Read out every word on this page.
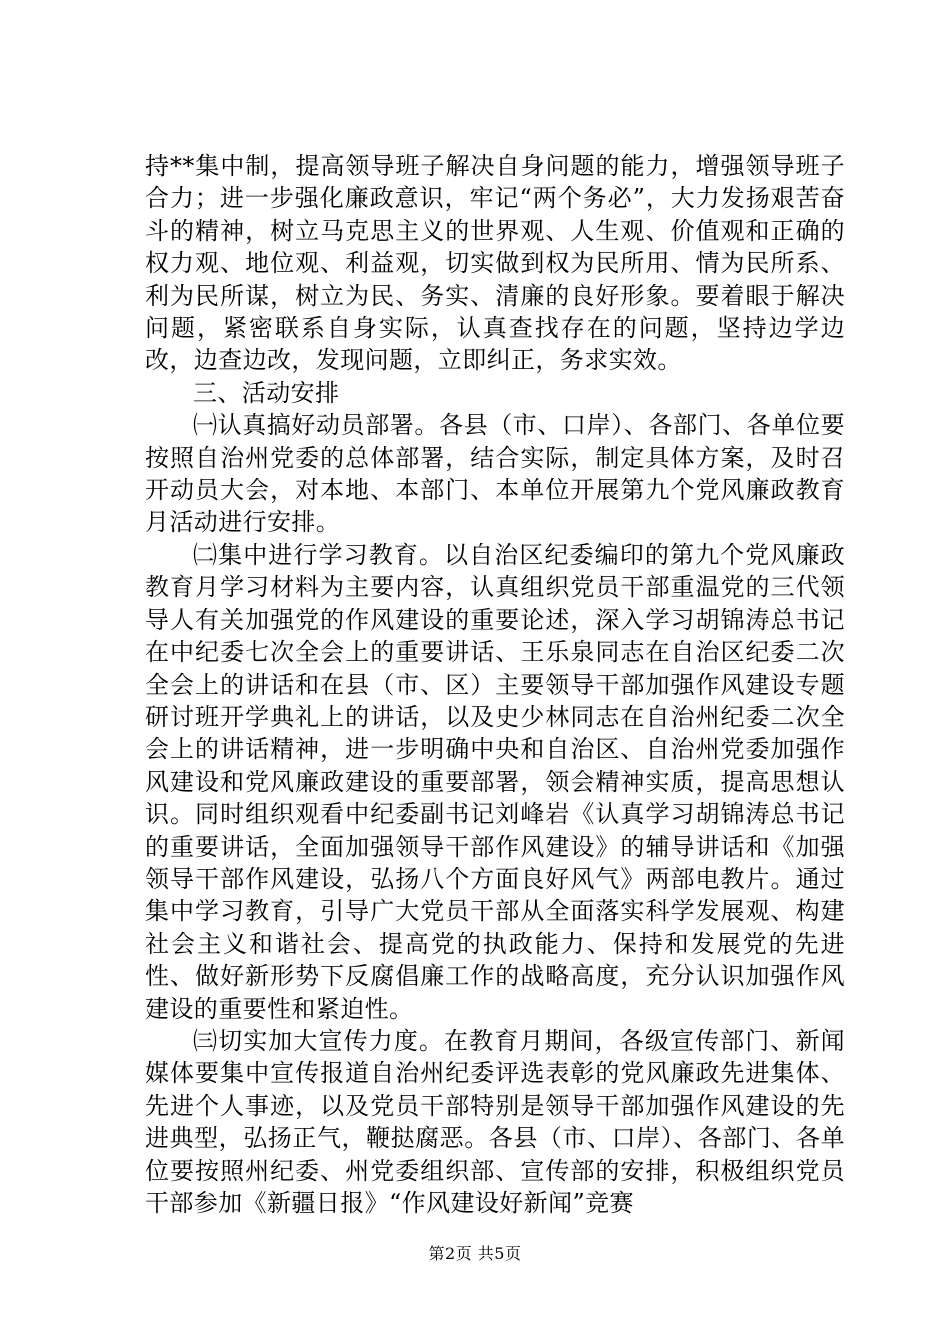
持**集中制，提高领导班子解决自身问题的能力，增强领导班子合力；进一步强化廉政意识，牢记“两个务必”，大力发扬艰苦奋斗的精神，树立马克思主义的世界观、人生观、价值观和正确的权力观、地位观、利益观，切实做到权为民所用、情为民所系、利为民所谋，树立为民、务实、清廉的良好形象。要着眼于解决问题，紧密联系自身实际，认真查找存在的问题，坚持边学边改，边查边改，发现问题，立即纠正，务求实效。

三、活动安排

㈠认真搞好动员部署。各县（市、口岸）、各部门、各单位要按照自治州党委的总体部署，结合实际，制定具体方案，及时召开动员大会，对本地、本部门、本单位开展第九个党风廉政教育月活动进行安排。

㈡集中进行学习教育。以自治区纪委编印的第九个党风廉政教育月学习材料为主要内容，认真组织党员干部重温党的三代领导人有关加强党的作风建设的重要论述，深入学习胡锦涛总书记在中纪委七次全会上的重要讲话、王乐泉同志在自治区纪委二次全会上的讲话和在县（市、区）主要领导干部加强作风建设专题研讨班开学典礼上的讲话，以及史少林同志在自治州纪委二次全会上的讲话精神，进一步明确中央和自治区、自治州党委加强作风建设和党风廉政建设的重要部署，领会精神实质，提高思想认识。同时组织观看中纪委副书记刘峰岩《认真学习胡锦涛总书记的重要讲话，全面加强领导干部作风建设》的辅导讲话和《加强领导干部作风建设，弘扬八个方面良好风气》两部电教片。通过集中学习教育，引导广大党员干部从全面落实科学发展观、构建社会主义和谐社会、提高党的执政能力、保持和发展党的先进性、做好新形势下反腐倡廉工作的战略高度，充分认识加强作风建设的重要性和紧迫性。

㈢切实加大宣传力度。在教育月期间，各级宣传部门、新闻媒体要集中宣传报道自治州纪委评选表彰的党风廉政先进集体、先进个人事迹，以及党员干部特别是领导干部加强作风建设的先进典型，弘扬正气，鞭挞腐恶。各县（市、口岸）、各部门、各单位要按照州纪委、州党委组织部、宣传部的安排，积极组织党员干部参加《新疆日报》“作风建设好新闻”竞赛

第2页 共5页
